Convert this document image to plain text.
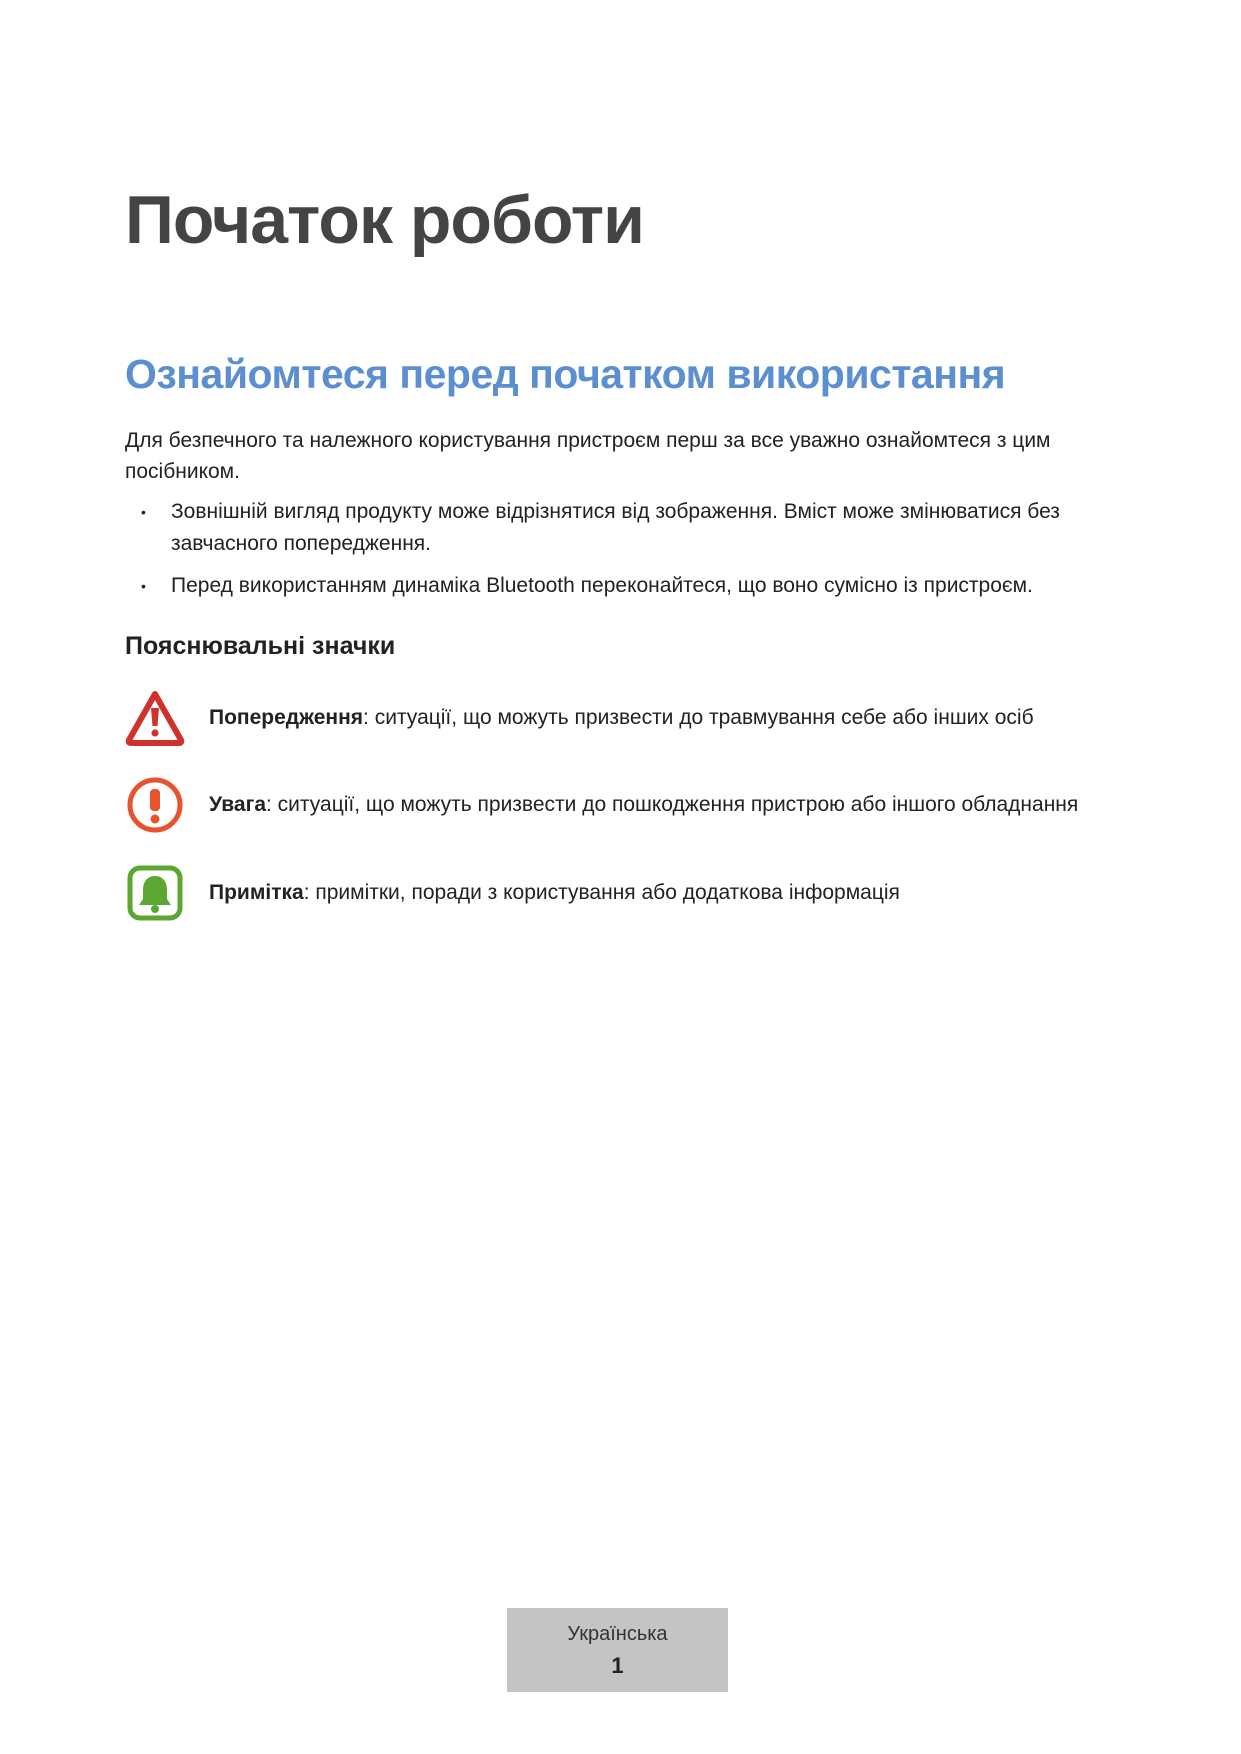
Початок роботи
Ознайомтеся перед початком використання

Для безпечного та належного користування пристроєм перш за все уважно ознайомтеся з цим посібником.

• Зовнішній вигляд продукту може відрізнятися від зображення. Вміст може змінюватися без завчасного попередження.
• Перед використанням динаміка Bluetooth переконайтеся, що воно сумісно із пристроєм.
Пояснювальні значки
Попередження: ситуації, що можуть призвести до травмування себе або інших осіб
Увага: ситуації, що можуть призвести до пошкодження пристрою або іншого обладнання
Примітка: примітки, поради з користування або додаткова інформація
Українська
1
